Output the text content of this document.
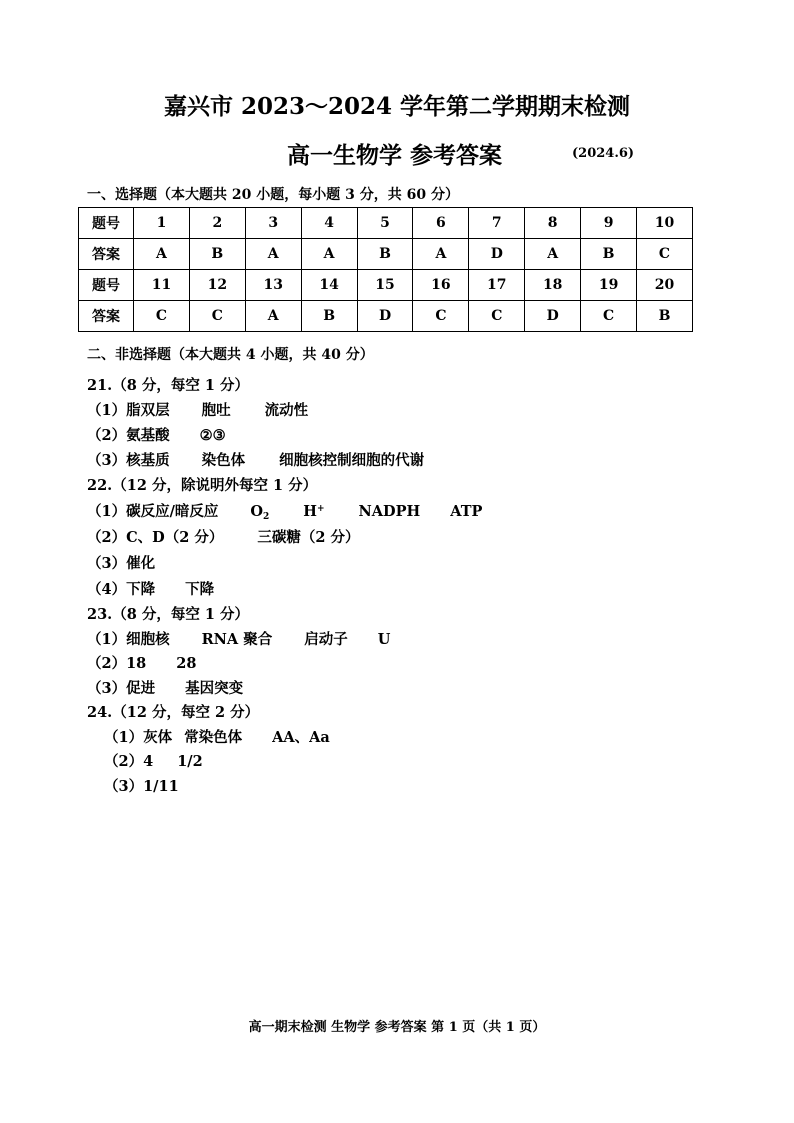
嘉兴市 2023～2024 学年第二学期期末检测
高一生物学 参考答案	(2024.6)
一、选择题（本大题共 20 小题，每小题 3 分，共 60 分）
题号	1	2	3	4	5	6	7	8	9	10
答案	A	B	A	A	B	A	D	A	B	C
题号	11	12	13	14	15	16	17	18	19	20
答案	C	C	A	B	D	C	C	D	C	B
二、非选择题（本大题共 4 小题，共 40 分）
21.（8 分，每空 1 分）
（1）脂双层 胞吐 流动性
（2）氨基酸 ②③
（3）核基质 染色体 细胞核控制细胞的代谢
22.（12 分，除说明外每空 1 分）
（1）碳反应/暗反应 $O_2$ H+ NADPH ATP
（2）C、D（2 分） 三碳糖（2 分）
（3）催化
（4）下降 下降
23.（8 分，每空 1 分）
（1）细胞核 RNA 聚合 启动子 U
（2）18 28
（3）促进 基因突变
24.（12 分，每空 2 分）
（1）灰体 常染色体 AA、Aa
（2）4 1/2
（3）1/11
高一期末检测 生物学 参考答案 第 1 页（共 1 页）
